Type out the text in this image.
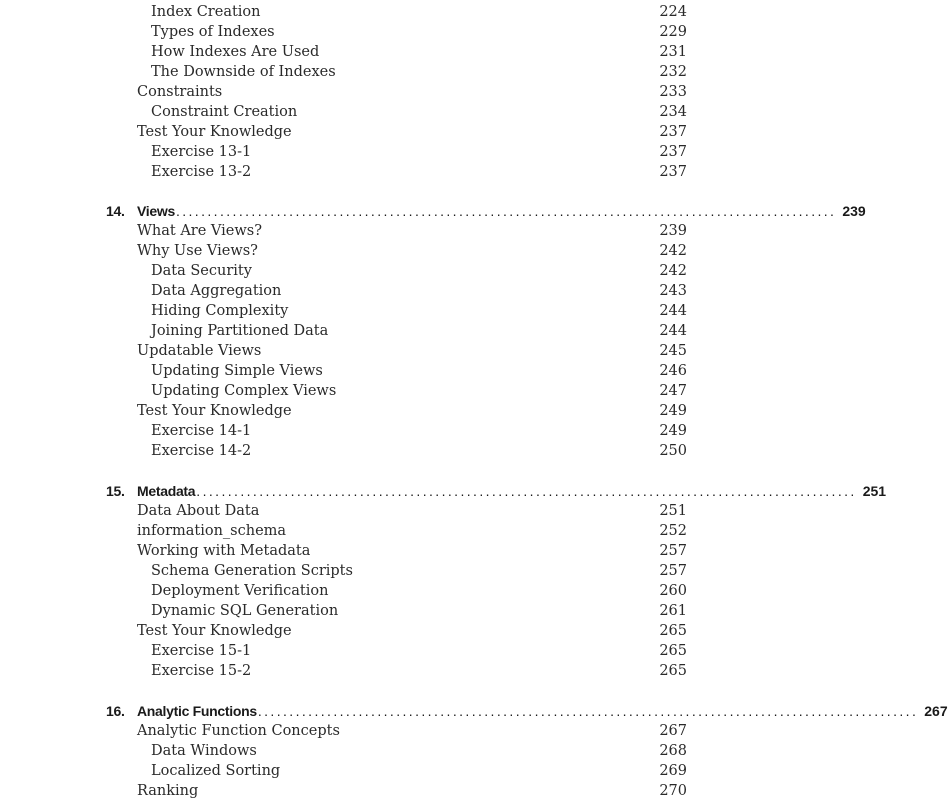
Index Creation	224
Types of Indexes	229
How Indexes Are Used	231
The Downside of Indexes	232
Constraints	233
Constraint Creation	234
Test Your Knowledge	237
Exercise 13-1	237
Exercise 13-2	237
14. Views ......................................................................................................... 239
What Are Views?	239
Why Use Views?	242
Data Security	242
Data Aggregation	243
Hiding Complexity	244
Joining Partitioned Data	244
Updatable Views	245
Updating Simple Views	246
Updating Complex Views	247
Test Your Knowledge	249
Exercise 14-1	249
Exercise 14-2	250
15. Metadata ......................................................................................................... 251
Data About Data	251
information_schema	252
Working with Metadata	257
Schema Generation Scripts	257
Deployment Verification	260
Dynamic SQL Generation	261
Test Your Knowledge	265
Exercise 15-1	265
Exercise 15-2	265
16. Analytic Functions ......................................................................................................... 267
Analytic Function Concepts	267
Data Windows	268
Localized Sorting	269
Ranking	270
